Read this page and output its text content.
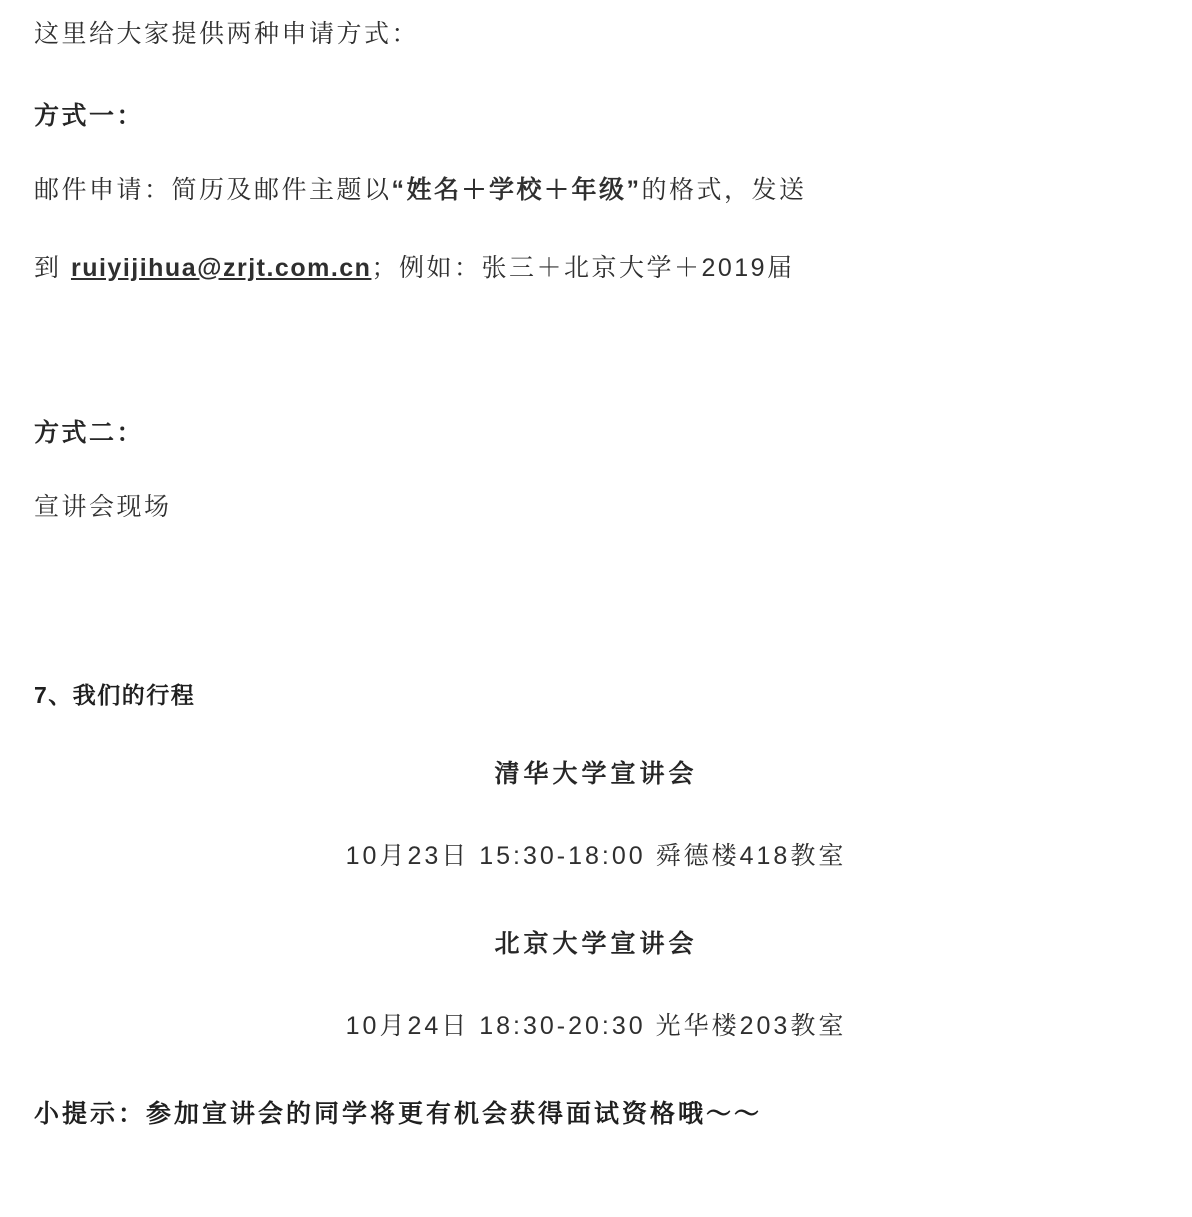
这里给大家提供两种申请方式：

方式一：

邮件申请：简历及邮件主题以“姓名＋学校＋年级”的格式，发送
到 ruiyijihua@zrjt.com.cn；例如：张三＋北京大学＋2019届

方式二：

宣讲会现场

7、我们的行程

清华大学宣讲会

10月23日 15:30-18:00 舜德楼418教室

北京大学宣讲会

10月24日 18:30-20:30 光华楼203教室

小提示：参加宣讲会的同学将更有机会获得面试资格哦～～
